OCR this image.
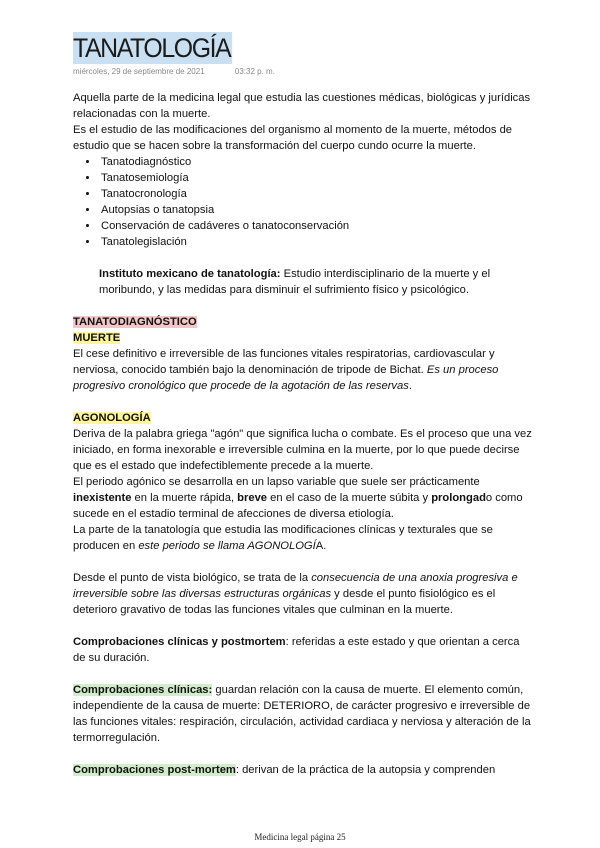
TANATOLOGÍA
miércoles, 29 de septiembre de 2021	03:32 p. m.

Aquella parte de la medicina legal que estudia las cuestiones médicas, biológicas y jurídicas relacionadas con la muerte.

Es el estudio de las modificaciones del organismo al momento de la muerte, métodos de estudio que se hacen sobre la transformación del cuerpo cundo ocurre la muerte.

• Tanatodiagnóstico
• Tanatosemiología
• Tanatocronología
• Autopsias o tanatopsia
• Conservación de cadáveres o tanatoconservación
• Tanatolegislación

Instituto mexicano de tanatología: Estudio interdisciplinario de la muerte y el moribundo, y las medidas para disminuir el sufrimiento físico y psicológico.

TANATODIAGNÓSTICO

MUERTE

El cese definitivo e irreversible de las funciones vitales respiratorias, cardiovascular y nerviosa, conocido también bajo la denominación de tripode de Bichat. Es un proceso progresivo cronológico que procede de la agotación de las reservas.

AGONOLOGÍA

Deriva de la palabra griega "agón" que significa lucha o combate. Es el proceso que una vez iniciado, en forma inexorable e irreversible culmina en la muerte, por lo que puede decirse que es el estado que indefectiblemente precede a la muerte.

El periodo agónico se desarrolla en un lapso variable que suele ser prácticamente inexistente en la muerte rápida, breve en el caso de la muerte súbita y prolongado como sucede en el estadio terminal de afecciones de diversa etiología.

La parte de la tanatología que estudia las modificaciones clínicas y texturales que se producen en este periodo se llama AGONOLOGÍA.

Desde el punto de vista biológico, se trata de la consecuencia de una anoxia progresiva e irreversible sobre las diversas estructuras orgánicas y desde el punto fisiológico es el deterioro gravativo de todas las funciones vitales que culminan en la muerte.

Comprobaciones clínicas y postmortem: referidas a este estado y que orientan a cerca de su duración.

Comprobaciones clínicas: guardan relación con la causa de muerte. El elemento común, independiente de la causa de muerte: DETERIORO, de carácter progresivo e irreversible de las funciones vitales: respiración, circulación, actividad cardiaca y nerviosa y alteración de la termorregulación.

Comprobaciones post-mortem: derivan de la práctica de la autopsia y comprenden

Medicina legal página 25
